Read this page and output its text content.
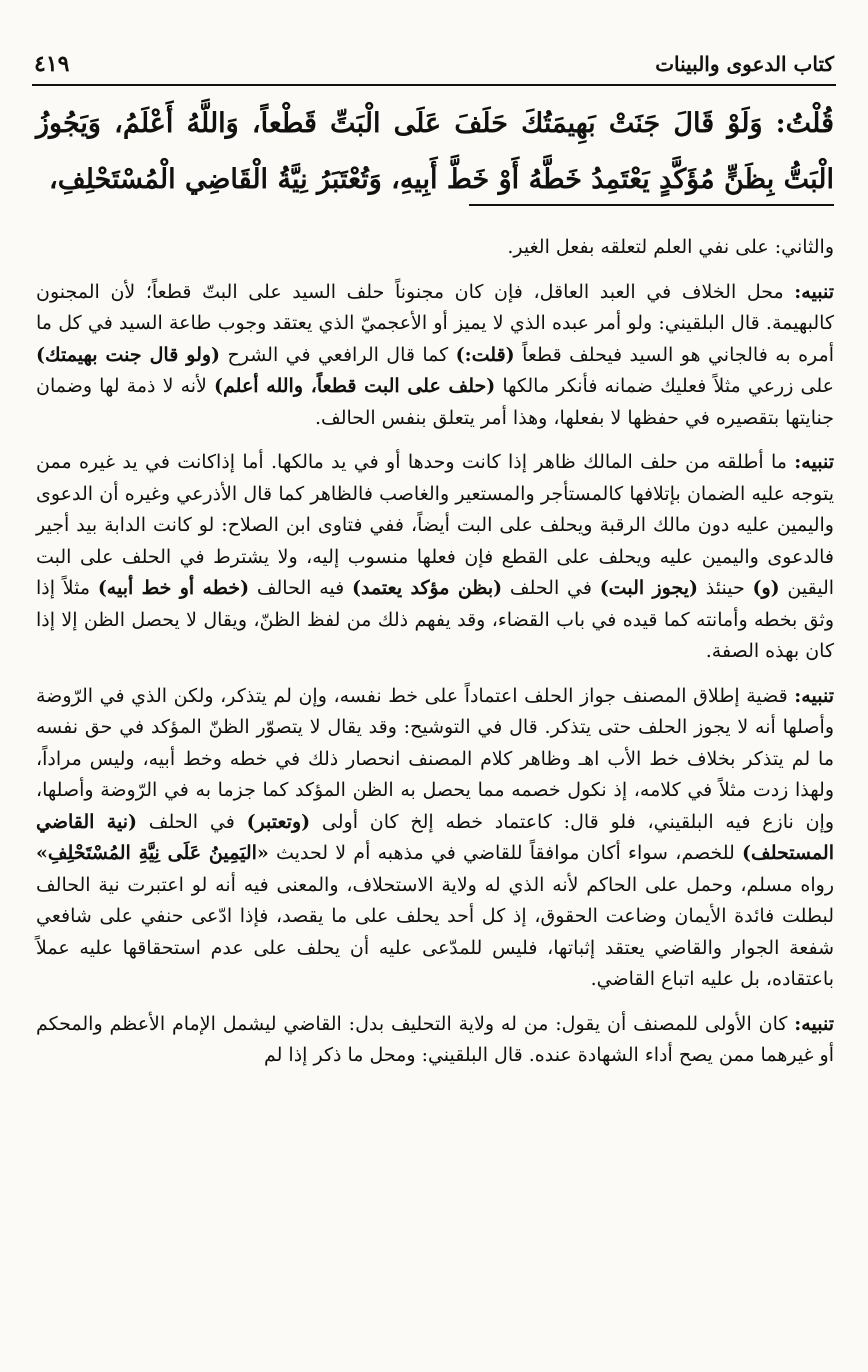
٤١٩	كتاب الدعوى والبينات
قُلْتُ: وَلَوْ قَالَ جَنَتْ بَهِيمَتُكَ حَلَفَ عَلَى الْبَتِّ قَطْعاً، وَاللَّهُ أَعْلَمُ، وَيَجُوزُ الْبَتُّ بِظَنٍّ مُؤَكَّدٍ يَعْتَمِدُ خَطَّهُ أَوْ خَطَّ أَبِيهِ، وَتُعْتَبَرُ نِيَّةُ الْقَاضِي الْمُسْتَحْلِفِ،

والثاني: على نفي العلم لتعلقه بفعل الغير.

تنبيه: محل الخلاف في العبد العاقل، فإن كان مجنوناً حلف السيد على البتّ قطعاً؛ لأن المجنون كالبهيمة. قال البلقيني: ولو أمر عبده الذي لا يميز أو الأعجميّ الذي يعتقد وجوب طاعة السيد في كل ما أمره به فالجاني هو السيد فيحلف قطعاً (قلت:) كما قال الرافعي في الشرح (ولو قال جنت بهيمتك) على زرعي مثلاً فعليك ضمانه فأنكر مالكها (حلف على البت قطعاً، والله أعلم) لأنه لا ذمة لها وضمان جنايتها بتقصيره في حفظها لا بفعلها، وهذا أمر يتعلق بنفس الحالف.

تنبيه: ما أطلقه من حلف المالك ظاهر إذا كانت وحدها أو في يد مالكها. أما إذاكانت في يد غيره ممن يتوجه عليه الضمان بإتلافها كالمستأجر والمستعير والغاصب فالظاهر كما قال الأذرعي وغيره أن الدعوى واليمين عليه دون مالك الرقبة ويحلف على البت أيضاً، ففي فتاوى ابن الصلاح: لو كانت الدابة بيد أجير فالدعوى واليمين عليه ويحلف على القطع فإن فعلها منسوب إليه، ولا يشترط في الحلف على البت اليقين (و) حينئذ (يجوز البت) في الحلف (بظن مؤكد يعتمد) فيه الحالف (خطه أو خط أبيه) مثلاً إذا وثق بخطه وأمانته كما قيده في باب القضاء، وقد يفهم ذلك من لفظ الظنّ، ويقال لا يحصل الظن إلا إذا كان بهذه الصفة.

تنبيه: قضية إطلاق المصنف جواز الحلف اعتماداً على خط نفسه، وإن لم يتذكر، ولكن الذي في الرّوضة وأصلها أنه لا يجوز الحلف حتى يتذكر. قال في التوشيح: وقد يقال لا يتصوّر الظنّ المؤكد في حق نفسه ما لم يتذكر بخلاف خط الأب اهـ وظاهر كلام المصنف انحصار ذلك في خطه وخط أبيه، وليس مراداً، ولهذا زدت مثلاً في كلامه، إذ نكول خصمه مما يحصل به الظن المؤكد كما جزما به في الرّوضة وأصلها، وإن نازع فيه البلقيني، فلو قال: كاعتماد خطه إلخ كان أولى (وتعتبر) في الحلف (نية القاضي المستحلف) للخصم، سواء أكان موافقاً للقاضي في مذهبه أم لا لحديث «اليَمِينُ عَلَى نِيَّةِ المُسْتَحْلِفِ» رواه مسلم، وحمل على الحاكم لأنه الذي له ولاية الاستحلاف، والمعنى فيه أنه لو اعتبرت نية الحالف لبطلت فائدة الأيمان وضاعت الحقوق، إذ كل أحد يحلف على ما يقصد، فإذا ادّعى حنفي على شافعي شفعة الجوار والقاضي يعتقد إثباتها، فليس للمدّعى عليه أن يحلف على عدم استحقاقها عليه عملاً باعتقاده، بل عليه اتباع القاضي.

تنبيه: كان الأولى للمصنف أن يقول: من له ولاية التحليف بدل: القاضي ليشمل الإمام الأعظم والمحكم أو غيرهما ممن يصح أداء الشهادة عنده. قال البلقيني: ومحل ما ذكر إذا لم
